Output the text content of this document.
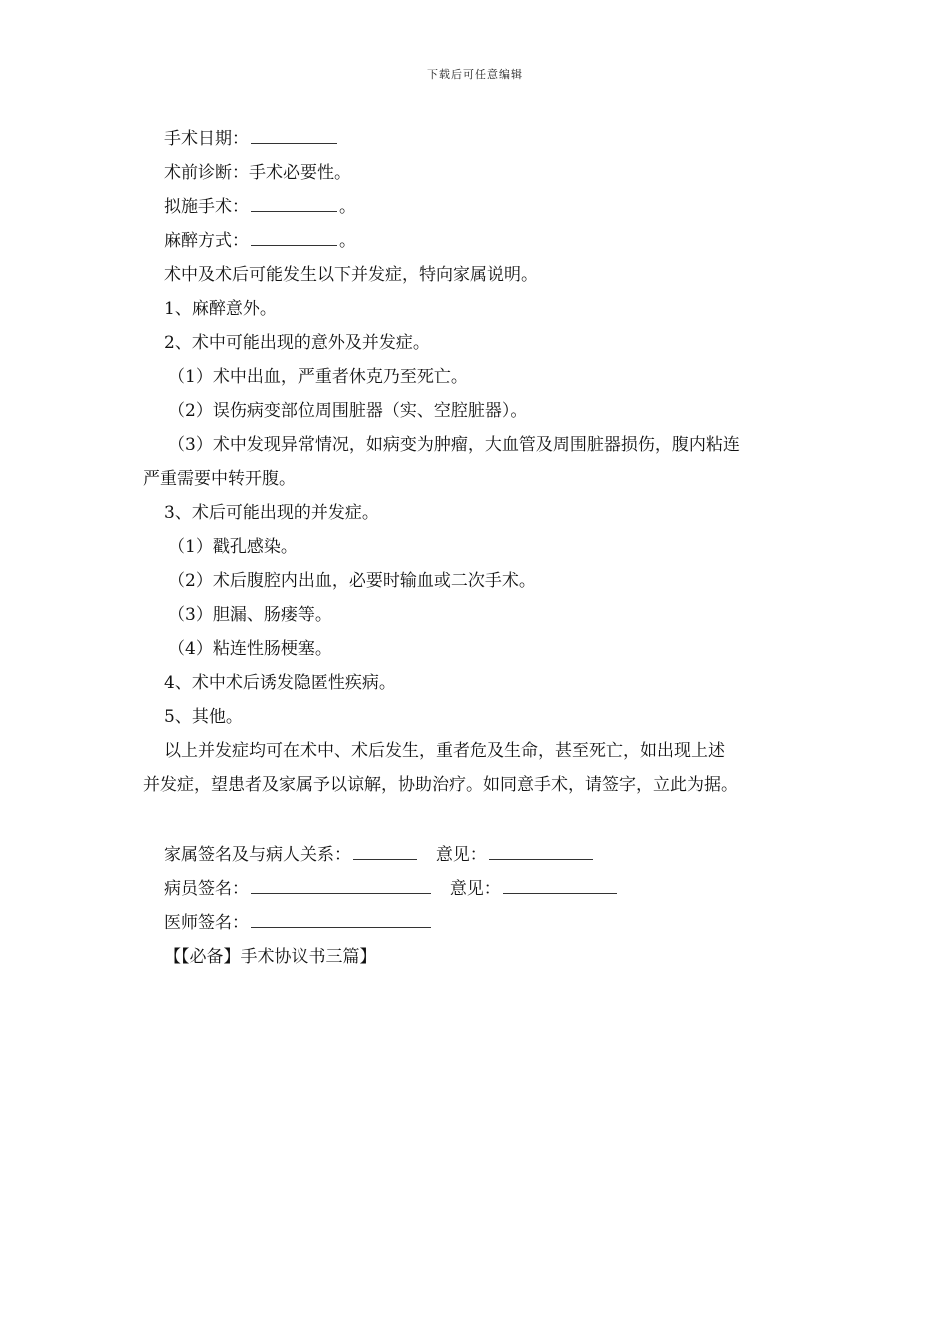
下载后可任意编辑
手术日期：
术前诊断：手术必要性。
拟施手术：	。
麻醉方式：	。
术中及术后可能发生以下并发症，特向家属说明。
1、麻醉意外。
2、术中可能出现的意外及并发症。
（1）术中出血，严重者休克乃至死亡。
（2）误伤病变部位周围脏器（实、空腔脏器）。
（3）术中发现异常情况，如病变为肿瘤，大血管及周围脏器损伤，腹内粘连
严重需要中转开腹。
3、术后可能出现的并发症。
（1）戳孔感染。
（2）术后腹腔内出血，必要时输血或二次手术。
（3）胆漏、肠瘘等。
（4）粘连性肠梗塞。
4、术中术后诱发隐匿性疾病。
5、其他。
以上并发症均可在术中、术后发生，重者危及生命，甚至死亡，如出现上述
并发症，望患者及家属予以谅解，协助治疗。如同意手术，请签字，立此为据。
家属签名及与病人关系：	意见：
病员签名：	意见：
医师签名：
【【必备】手术协议书三篇】
